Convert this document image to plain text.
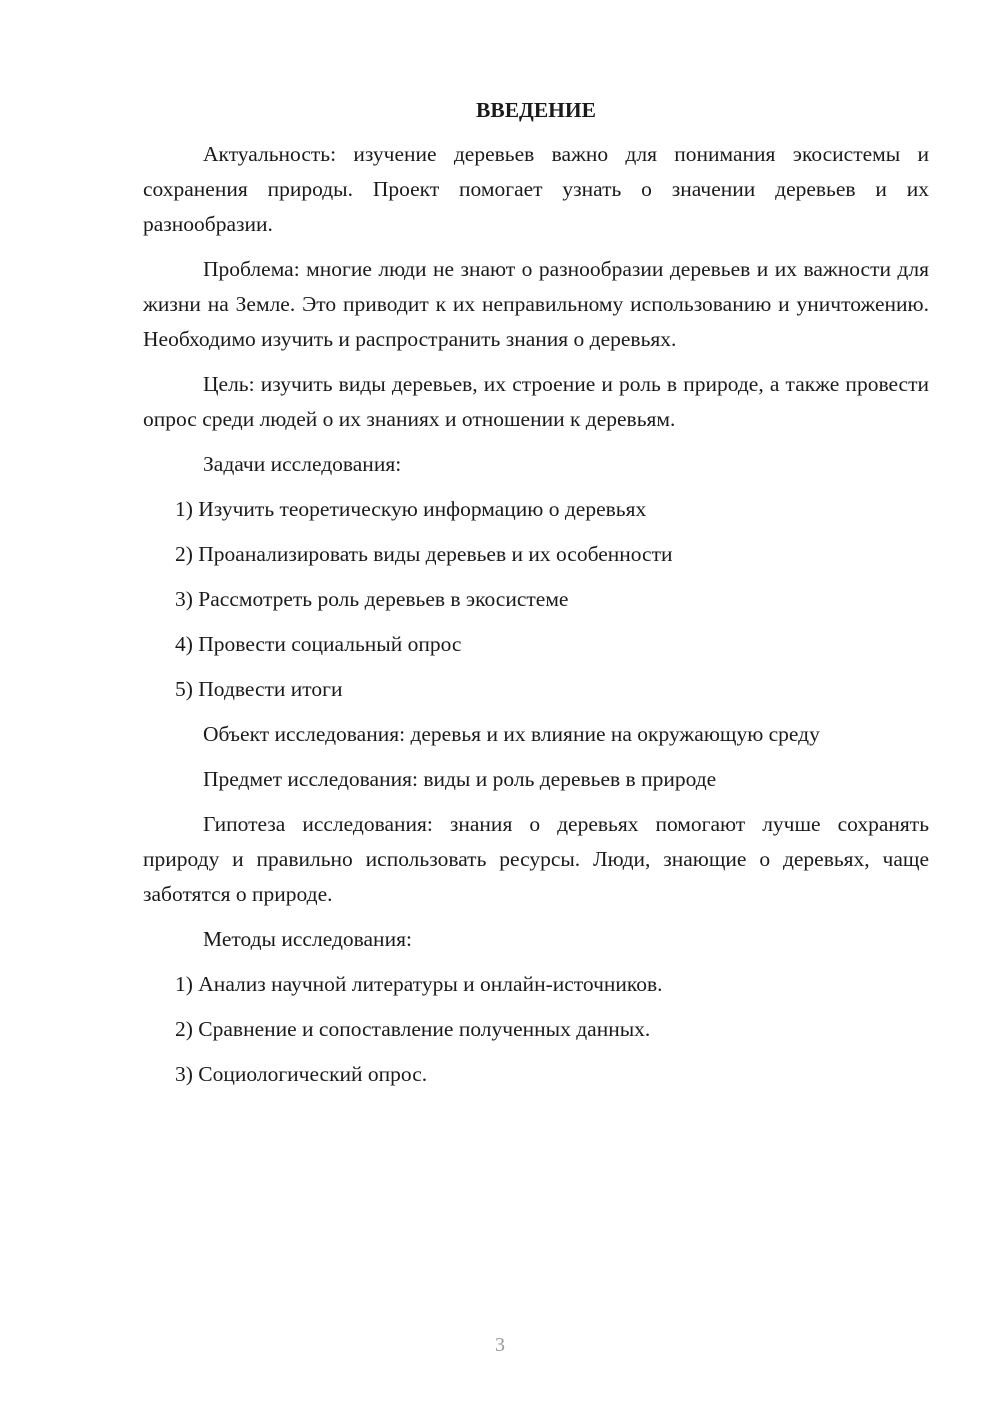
ВВЕДЕНИЕ

Актуальность: изучение деревьев важно для понимания экосистемы и сохранения природы. Проект помогает узнать о значении деревьев и их разнообразии.

Проблема: многие люди не знают о разнообразии деревьев и их важности для жизни на Земле. Это приводит к их неправильному использованию и уничтожению. Необходимо изучить и распространить знания о деревьях.

Цель: изучить виды деревьев, их строение и роль в природе, а также провести опрос среди людей о их знаниях и отношении к деревьям.

Задачи исследования:

1) Изучить теоретическую информацию о деревьях

2) Проанализировать виды деревьев и их особенности

3) Рассмотреть роль деревьев в экосистеме

4) Провести социальный опрос

5) Подвести итоги

Объект исследования: деревья и их влияние на окружающую среду

Предмет исследования: виды и роль деревьев в природе

Гипотеза исследования: знания о деревьях помогают лучше сохранять природу и правильно использовать ресурсы. Люди, знающие о деревьях, чаще заботятся о природе.

Методы исследования:

1) Анализ научной литературы и онлайн-источников.

2) Сравнение и сопоставление полученных данных.

3) Социологический опрос.

3
